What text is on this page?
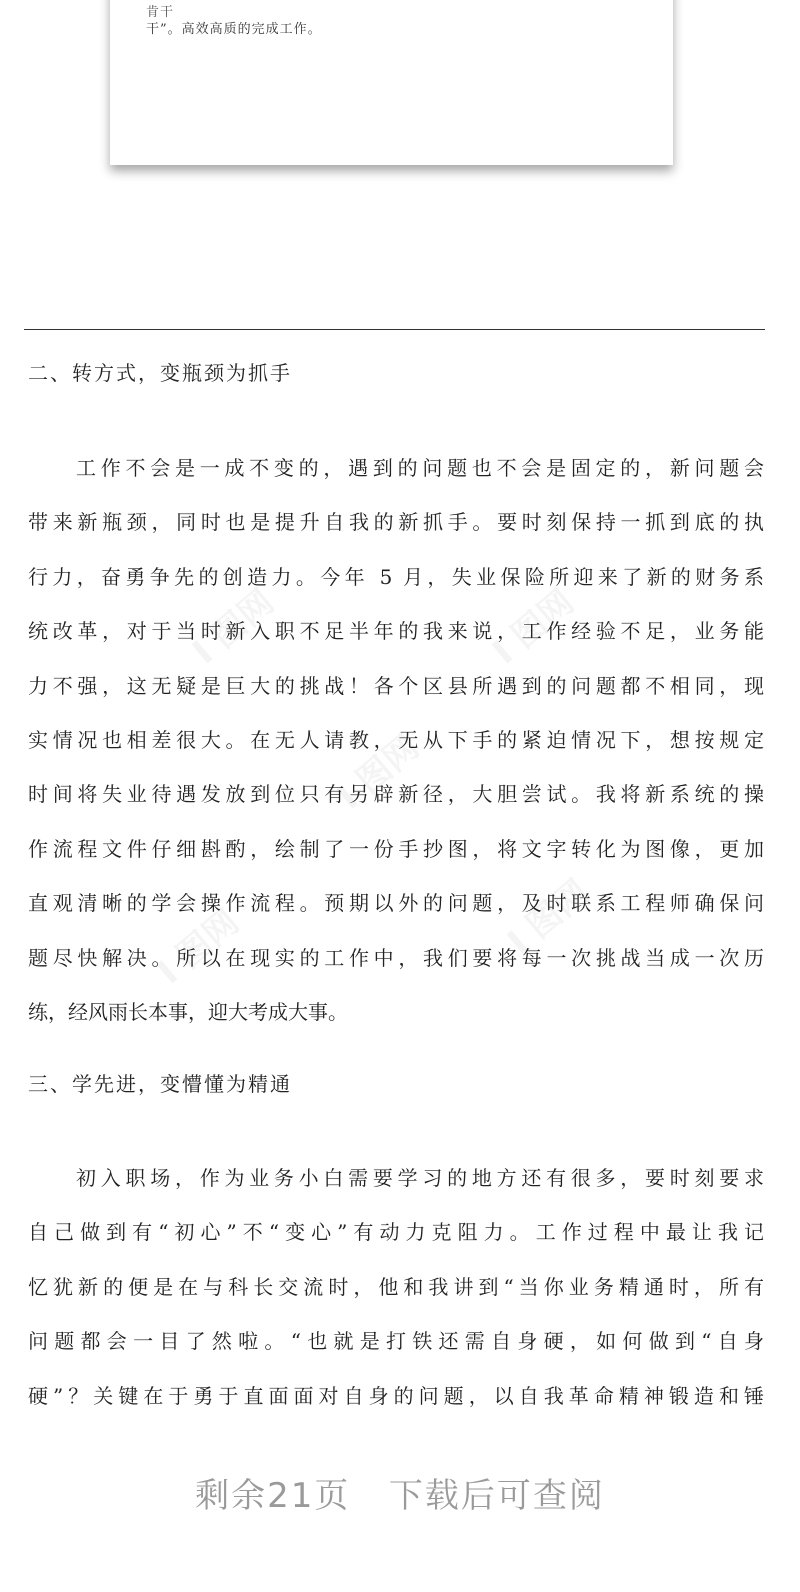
肯干
干”。高效高质的完成工作。
I 图网	I 图网
I 图网
I 图网	I 图网
二、转方式，变瓶颈为抓手
工作不会是一成不变的，遇到的问题也不会是固定的，新问题会
带来新瓶颈，同时也是提升自我的新抓手。要时刻保持一抓到底的执
行力，奋勇争先的创造力。今年 5 月，失业保险所迎来了新的财务系
统改革，对于当时新入职不足半年的我来说，工作经验不足，业务能
力不强，这无疑是巨大的挑战！各个区县所遇到的问题都不相同，现
实情况也相差很大。在无人请教，无从下手的紧迫情况下，想按规定
时间将失业待遇发放到位只有另辟新径，大胆尝试。我将新系统的操
作流程文件仔细斟酌，绘制了一份手抄图，将文字转化为图像，更加
直观清晰的学会操作流程。预期以外的问题，及时联系工程师确保问
题尽快解决。所以在现实的工作中，我们要将每一次挑战当成一次历
练，经风雨长本事，迎大考成大事。
三、学先进，变懵懂为精通
初入职场，作为业务小白需要学习的地方还有很多，要时刻要求
自己做到有“初心”不“变心”有动力克阻力。工作过程中最让我记
忆犹新的便是在与科长交流时，他和我讲到“当你业务精通时，所有
问题都会一目了然啦。“也就是打铁还需自身硬，如何做到“自身
硬”？关键在于勇于直面面对自身的问题，以自我革命精神锻造和锤
剩余21页   下载后可查阅
